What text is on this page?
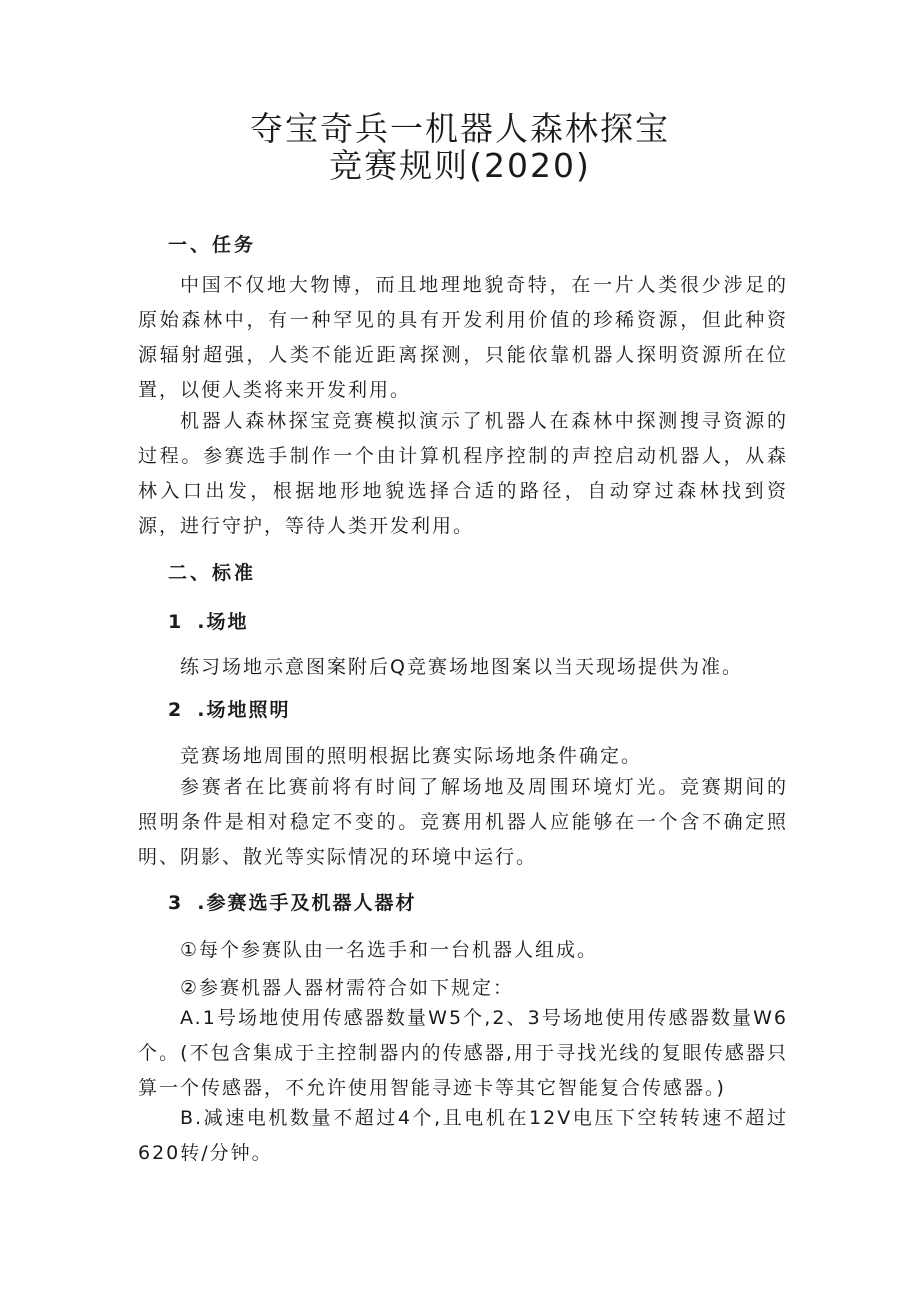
夺宝奇兵一机器人森林探宝
竞赛规则(2020)
一、任务

中国不仅地大物博，而且地理地貌奇特，在一片人类很少涉足的原始森林中，有一种罕见的具有开发利用价值的珍稀资源，但此种资源辐射超强，人类不能近距离探测，只能依靠机器人探明资源所在位置，以便人类将来开发利用。

机器人森林探宝竞赛模拟演示了机器人在森林中探测搜寻资源的过程。参赛选手制作一个由计算机程序控制的声控启动机器人，从森林入口出发，根据地形地貌选择合适的路径，自动穿过森林找到资源，进行守护，等待人类开发利用。

二、标准
1 .场地

练习场地示意图案附后Q竞赛场地图案以当天现场提供为准。

2 .场地照明

竞赛场地周围的照明根据比赛实际场地条件确定。

参赛者在比赛前将有时间了解场地及周围环境灯光。竞赛期间的照明条件是相对稳定不变的。竞赛用机器人应能够在一个含不确定照明、阴影、散光等实际情况的环境中运行。

3 .参赛选手及机器人器材

①每个参赛队由一名选手和一台机器人组成。

②参赛机器人器材需符合如下规定：

A.1号场地使用传感器数量W5个,2、3号场地使用传感器数量W6个。(不包含集成于主控制器内的传感器,用于寻找光线的复眼传感器只算一个传感器，不允许使用智能寻迹卡等其它智能复合传感器。)

B.减速电机数量不超过4个,且电机在12V电压下空转转速不超过620转/分钟。
